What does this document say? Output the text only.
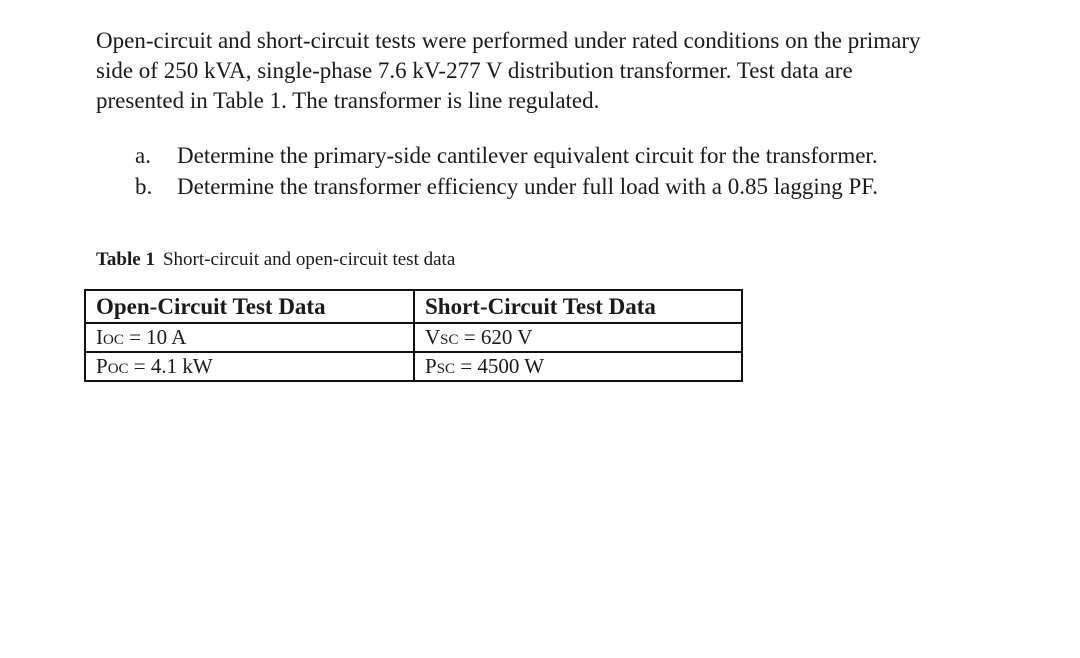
Open-circuit and short-circuit tests were performed under rated conditions on the primary
side of 250 kVA, single-phase 7.6 kV-277 V distribution transformer. Test data are
presented in Table 1. The transformer is line regulated.

a.	Determine the primary-side cantilever equivalent circuit for the transformer.
b.	Determine the transformer efficiency under full load with a 0.85 lagging PF.
Table 1 Short-circuit and open-circuit test data
Open-Circuit Test Data	Short-Circuit Test Data
IOC = 10 A	VSC = 620 V
POC = 4.1 kW	PSC = 4500 W
